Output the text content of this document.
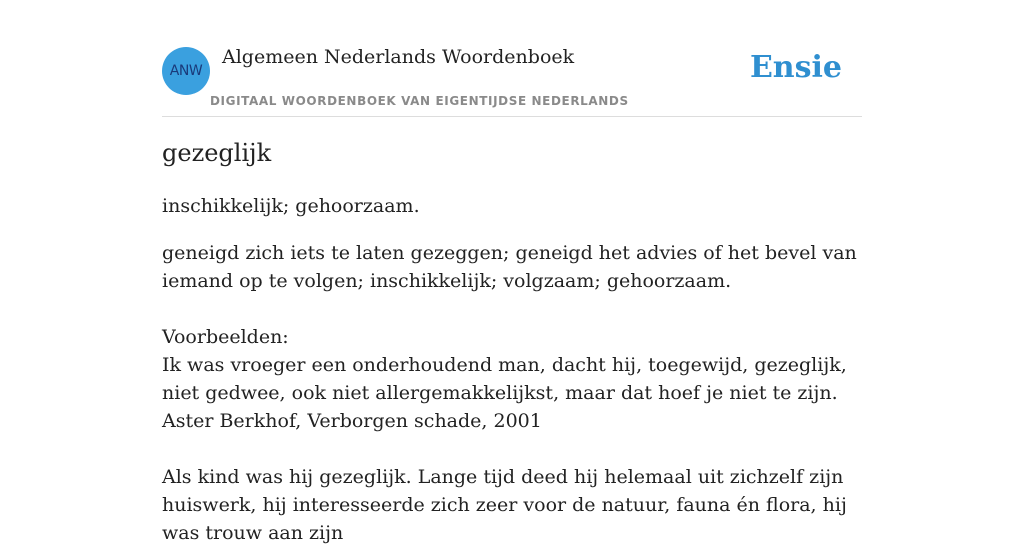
ANW
Algemeen Nederlands Woordenboek
DIGITAAL WOORDENBOEK VAN EIGENTIJDSE NEDERLANDS
Ensie
gezeglijk
inschikkelijk; gehoorzaam.

geneigd zich iets te laten gezeggen; geneigd het advies of het bevel van iemand op te volgen; inschikkelijk; volgzaam; gehoorzaam.

Voorbeelden:

Ik was vroeger een onderhoudend man, dacht hij, toegewijd, gezeglijk, niet gedwee, ook niet allergemakkelijkst, maar dat hoef je niet te zijn.

Aster Berkhof, Verborgen schade, 2001

Als kind was hij gezeglijk. Lange tijd deed hij helemaal uit zichzelf zijn huiswerk, hij interesseerde zich zeer voor de natuur, fauna én flora, hij was trouw aan zijn
